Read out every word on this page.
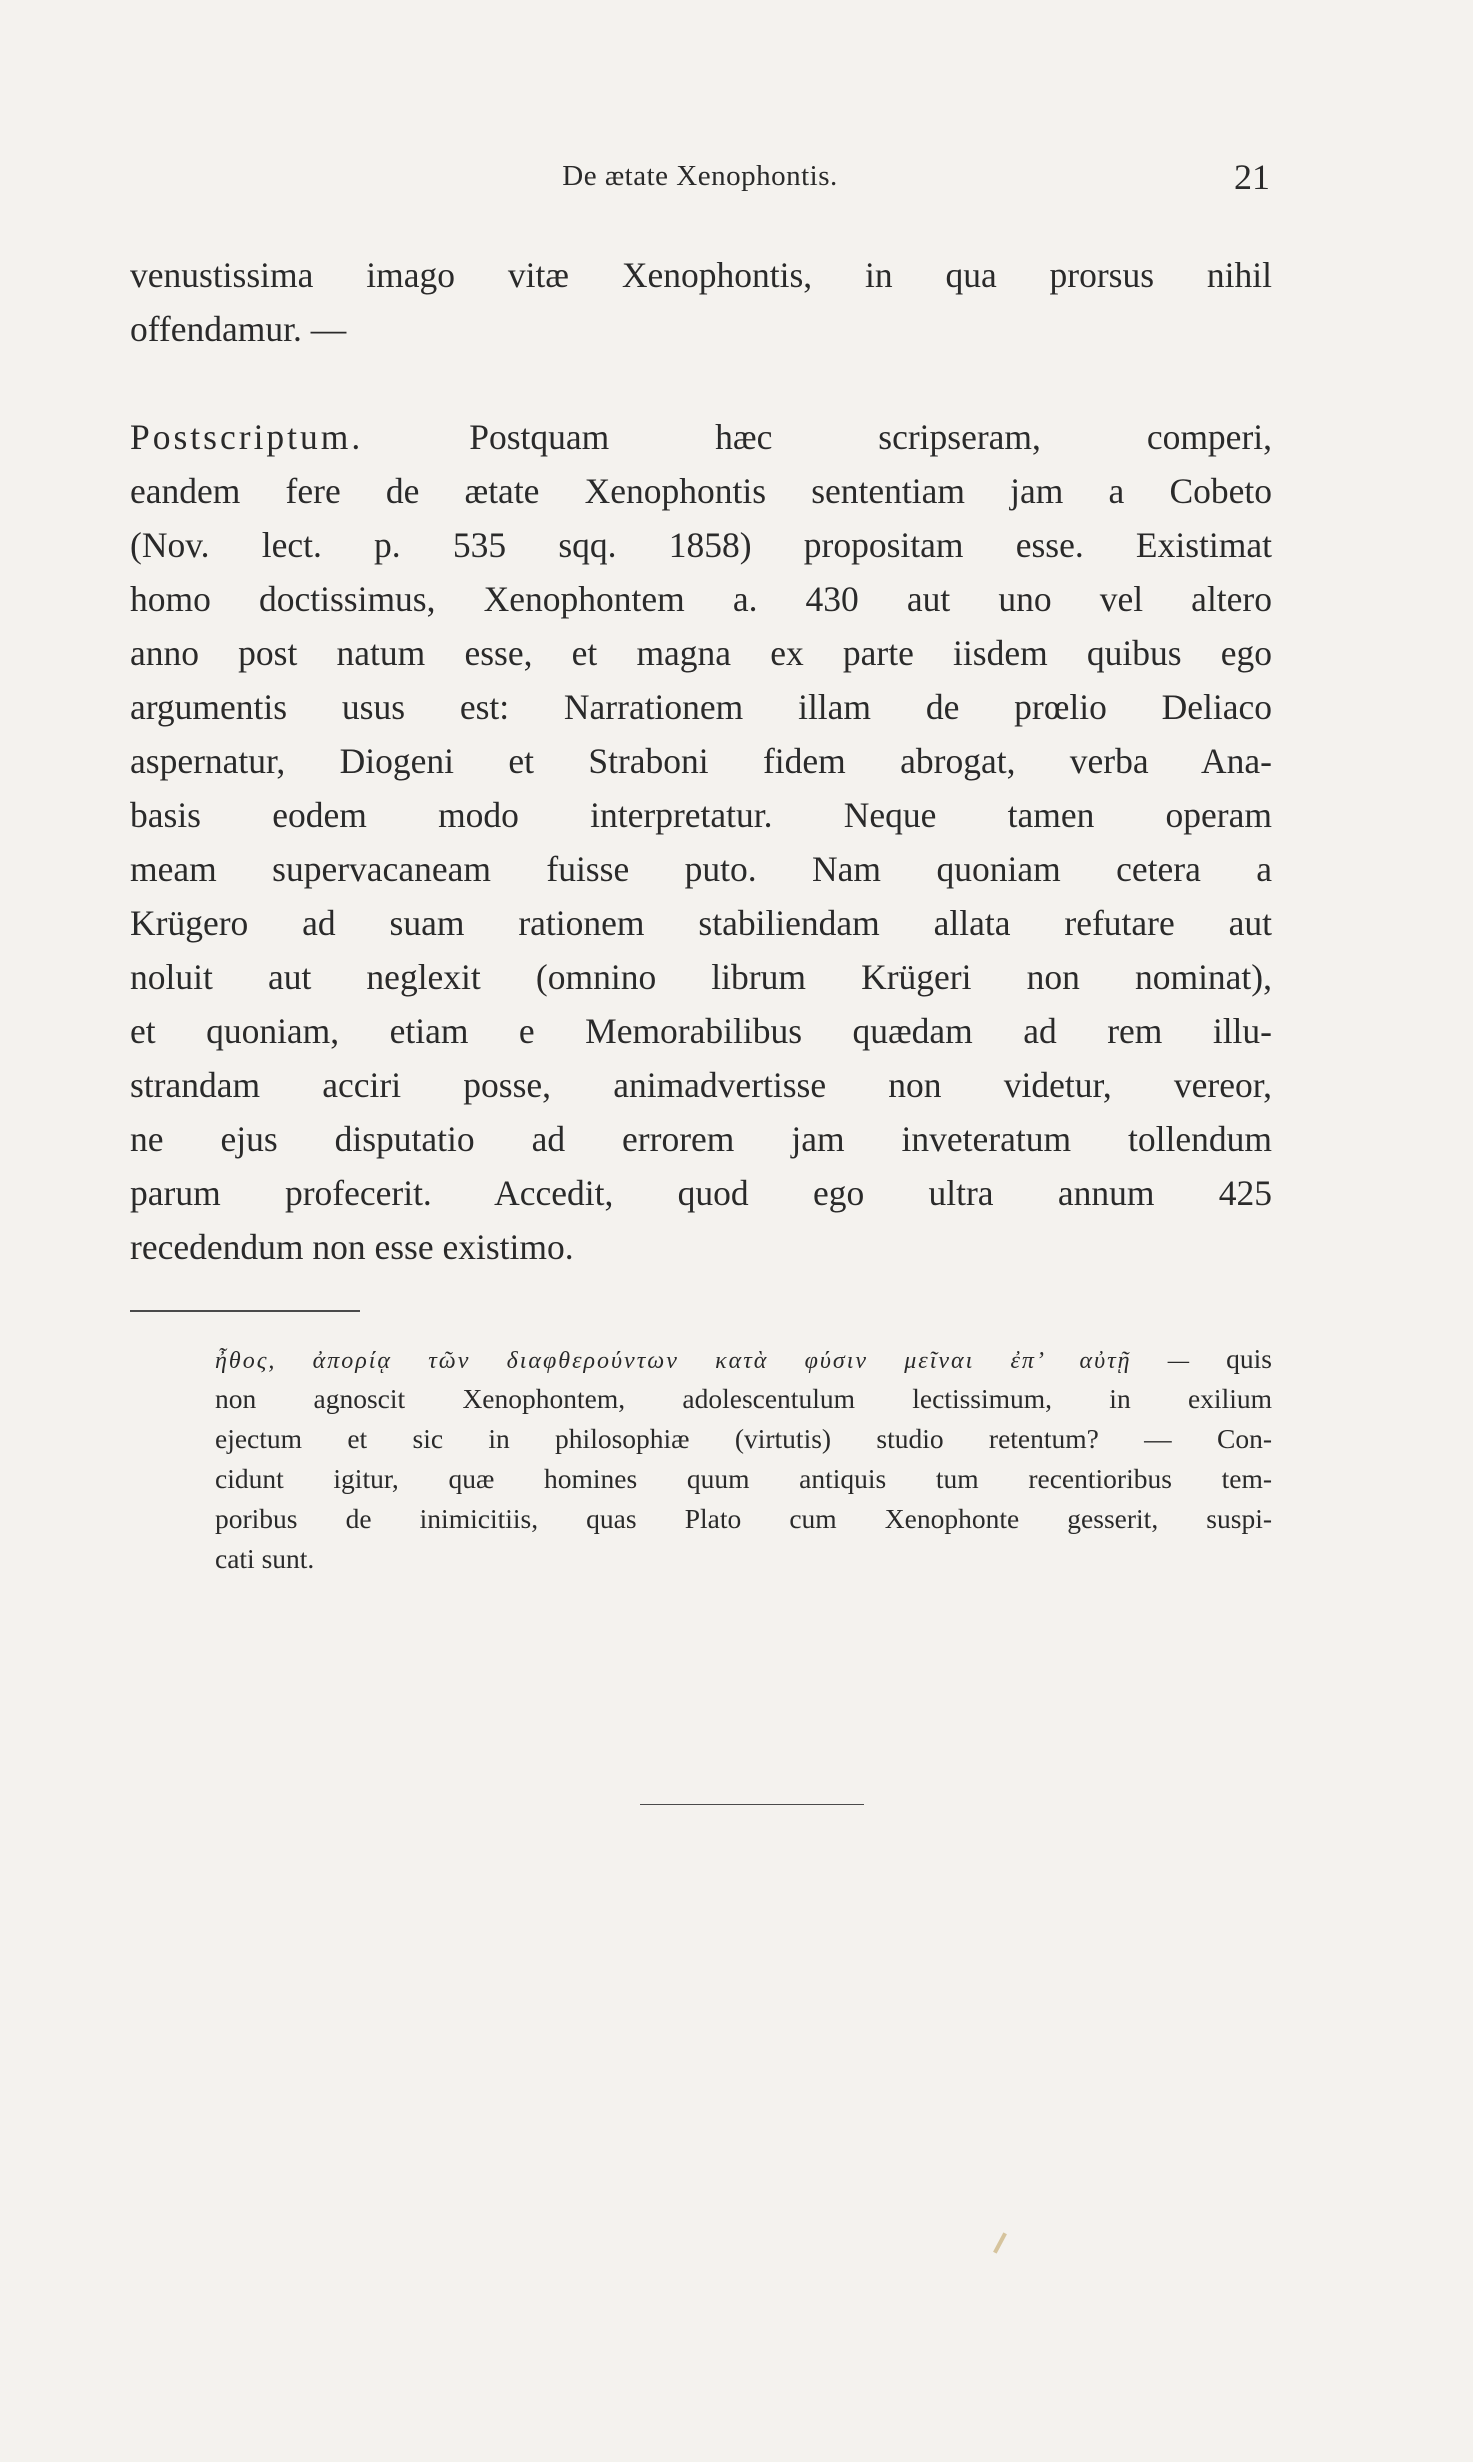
De ætate Xenophontis.	21
venustissima imago vitæ Xenophontis, in qua prorsus nihil
offendamur. —
Postscriptum.	Postquam hæc scripseram, comperi,
eandem fere de ætate Xenophontis sententiam jam a Cobeto
(Nov. lect. p. 535 sqq. 1858) propositam esse. Existimat
homo doctissimus, Xenophontem a. 430 aut uno vel altero
anno post natum esse, et magna ex parte iisdem quibus ego
argumentis usus est: Narrationem illam de prœlio Deliaco
aspernatur, Diogeni et Straboni fidem abrogat, verba Ana-
basis eodem modo interpretatur. Neque tamen operam
meam supervacaneam fuisse puto. Nam quoniam cetera a
Krügero ad suam rationem stabiliendam allata refutare aut
noluit aut neglexit (omnino librum Krügeri non nominat),
et quoniam, etiam e Memorabilibus quædam ad rem illu-
strandam acciri posse, animadvertisse non videtur, vereor,
ne ejus disputatio ad errorem jam inveteratum tollendum
parum profecerit. Accedit, quod ego ultra annum 425
recedendum non esse existimo.
ἦθος, ἀπορίᾳ τῶν διαφθερούντων κατὰ φύσιν μεῖναι ἐπ’ αὐτῇ — quis
non agnoscit Xenophontem, adolescentulum lectissimum, in exilium
ejectum et sic in philosophiæ (virtutis) studio retentum? — Con-
cidunt igitur, quæ homines quum antiquis tum recentioribus tem-
poribus de inimicitiis, quas Plato cum Xenophonte gesserit, suspi-
cati sunt.
